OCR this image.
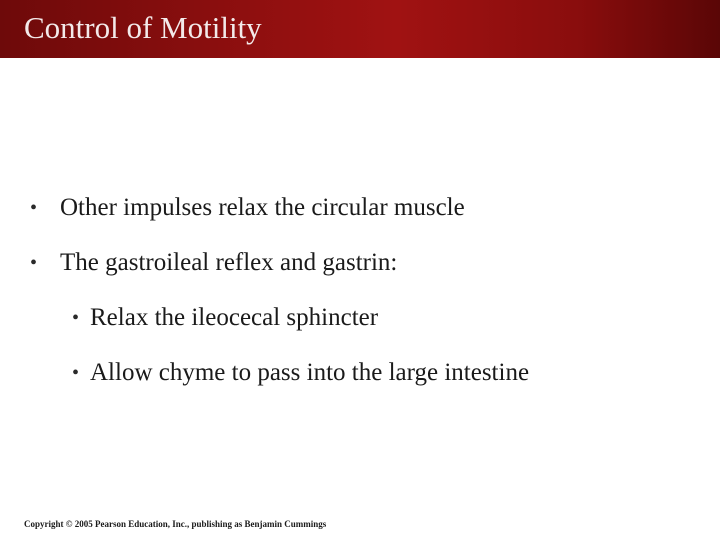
Control of Motility
• Other impulses relax the circular muscle
• The gastroileal reflex and gastrin:
• Relax the ileocecal sphincter
• Allow chyme to pass into the large intestine
Copyright © 2005 Pearson Education, Inc., publishing as Benjamin Cummings
